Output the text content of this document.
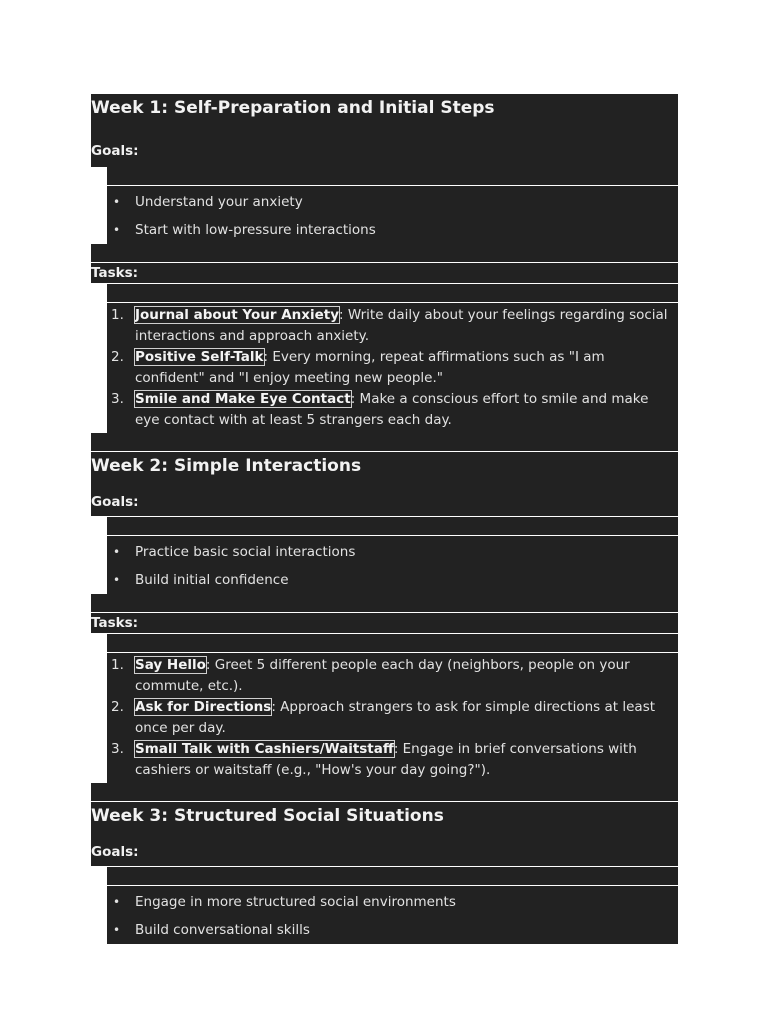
Week 1: Self-Preparation and Initial Steps
Goals:
• Understand your anxiety
• Start with low-pressure interactions
Tasks:
1. Journal about Your Anxiety: Write daily about your feelings regarding social interactions and approach anxiety.
2. Positive Self-Talk: Every morning, repeat affirmations such as "I am confident" and "I enjoy meeting new people."
3. Smile and Make Eye Contact: Make a conscious effort to smile and make eye contact with at least 5 strangers each day.
Week 2: Simple Interactions
Goals:
• Practice basic social interactions
• Build initial confidence
Tasks:
1. Say Hello: Greet 5 different people each day (neighbors, people on your commute, etc.).
2. Ask for Directions: Approach strangers to ask for simple directions at least once per day.
3. Small Talk with Cashiers/Waitstaff: Engage in brief conversations with cashiers or waitstaff (e.g., "How's your day going?").
Week 3: Structured Social Situations
Goals:
• Engage in more structured social environments
• Build conversational skills
